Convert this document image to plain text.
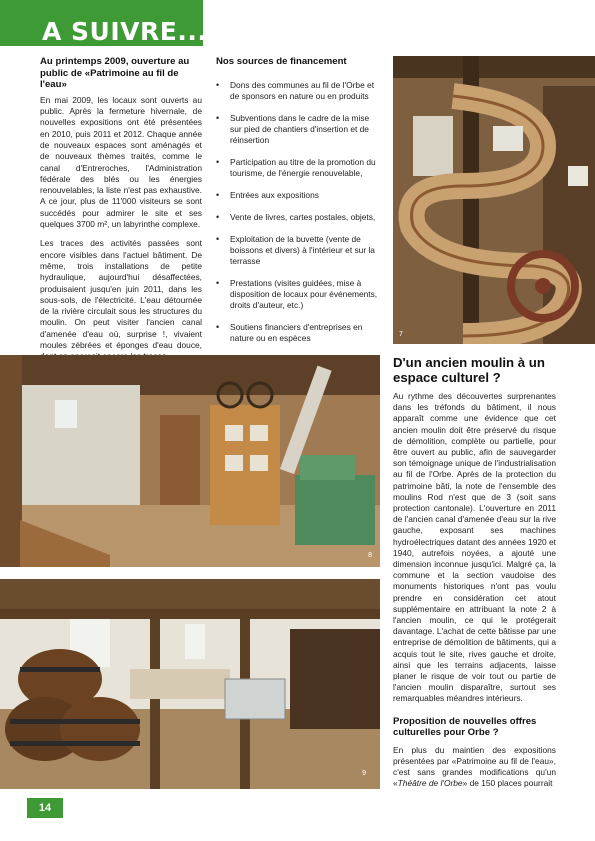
A SUIVRE...
Au printemps 2009, ouverture au public de «Patrimoine au fil de l'eau»

En mai 2009, les locaux sont ouverts au public. Après la fermeture hivernale, de nouvelles expositions ont été présentées en 2010, puis 2011 et 2012. Chaque année de nouveaux espaces sont aménagés et de nouveaux thèmes traités, comme le canal d'Entreroches, l'Administration fédérale des blés ou les énergies renouvelables, la liste n'est pas exhaustive. A ce jour, plus de 11'000 visiteurs se sont succédés pour admirer le site et ses quelques 3700 m², un labyrinthe complexe.

Les traces des activités passées sont encore visibles dans l'actuel bâtiment. De même, trois installations de petite hydraulique, aujourd'hui désaffectées, produisaient jusqu'en juin 2011, dans les sous-sols, de l'électricité. L'eau détournée de la rivière circulait sous les structures du moulin. On peut visiter l'ancien canal d'amenée d'eau où, surprise !, vivaient moules zébrées et éponges d'eau douce,

Nos sources de financement
• Dons des communes au fil de l'Orbe et de sponsors en nature ou en produits
• Subventions dans le cadre de la mise sur pied de chantiers d'insertion et de réinsertion
• Participation au titre de la promotion du tourisme, de l'énergie renouvelable,
• Entrées aux expositions
• Vente de livres, cartes postales, objets,
• Exploitation de la buvette (vente de boissons et divers) à l'intérieur et sur la terrasse
• Prestations (visites guidées, mise à disposition de locaux pour événements, droits d'auteur, etc.)
• Soutiens financiers d'entreprises en nature ou en espèces	7
8
9
D'un ancien moulin à un espace culturel ?

Au rythme des découvertes surprenantes dans les tréfonds du bâtiment, il nous apparaît comme une évidence que cet ancien moulin doit être préservé du risque de démolition, complète ou partielle, pour être ouvert au public, afin de sauvegarder son témoignage unique de l'industrialisation au fil de l'Orbe. Après de la protection du patrimoine bâti, la note de l'ensemble des moulins Rod n'est que de 3 (soit sans protection cantonale). L'ouverture en 2011 de l'ancien canal d'amenée d'eau sur la rive gauche, exposant ses machines hydroélectriques datant des années 1920 et 1940, autrefois noyées, a ajouté une dimension inconnue jusqu'ici. Malgré ça, la commune et la section vaudoise des monuments historiques n'ont pas voulu prendre en considération cet atout supplémentaire en attribuant la note 2 à l'ancien moulin, ce qui le protégerait davantage. L'achat de cette bâtisse par une entreprise de démolition de bâtiments, qui a acquis tout le site, rives gauche et droite, ainsi que les terrains adjacents, laisse planer le risque de voir tout ou partie de l'ancien moulin disparaître, surtout ses remarquables méandres intérieurs.

Proposition de nouvelles offres culturelles pour Orbe ?

En plus du maintien des expositions présentées par «Patrimoine au fil de l'eau», c'est sans grandes modifications qu'un «Théâtre de l'Orbe» de 150 places pourrait

14
